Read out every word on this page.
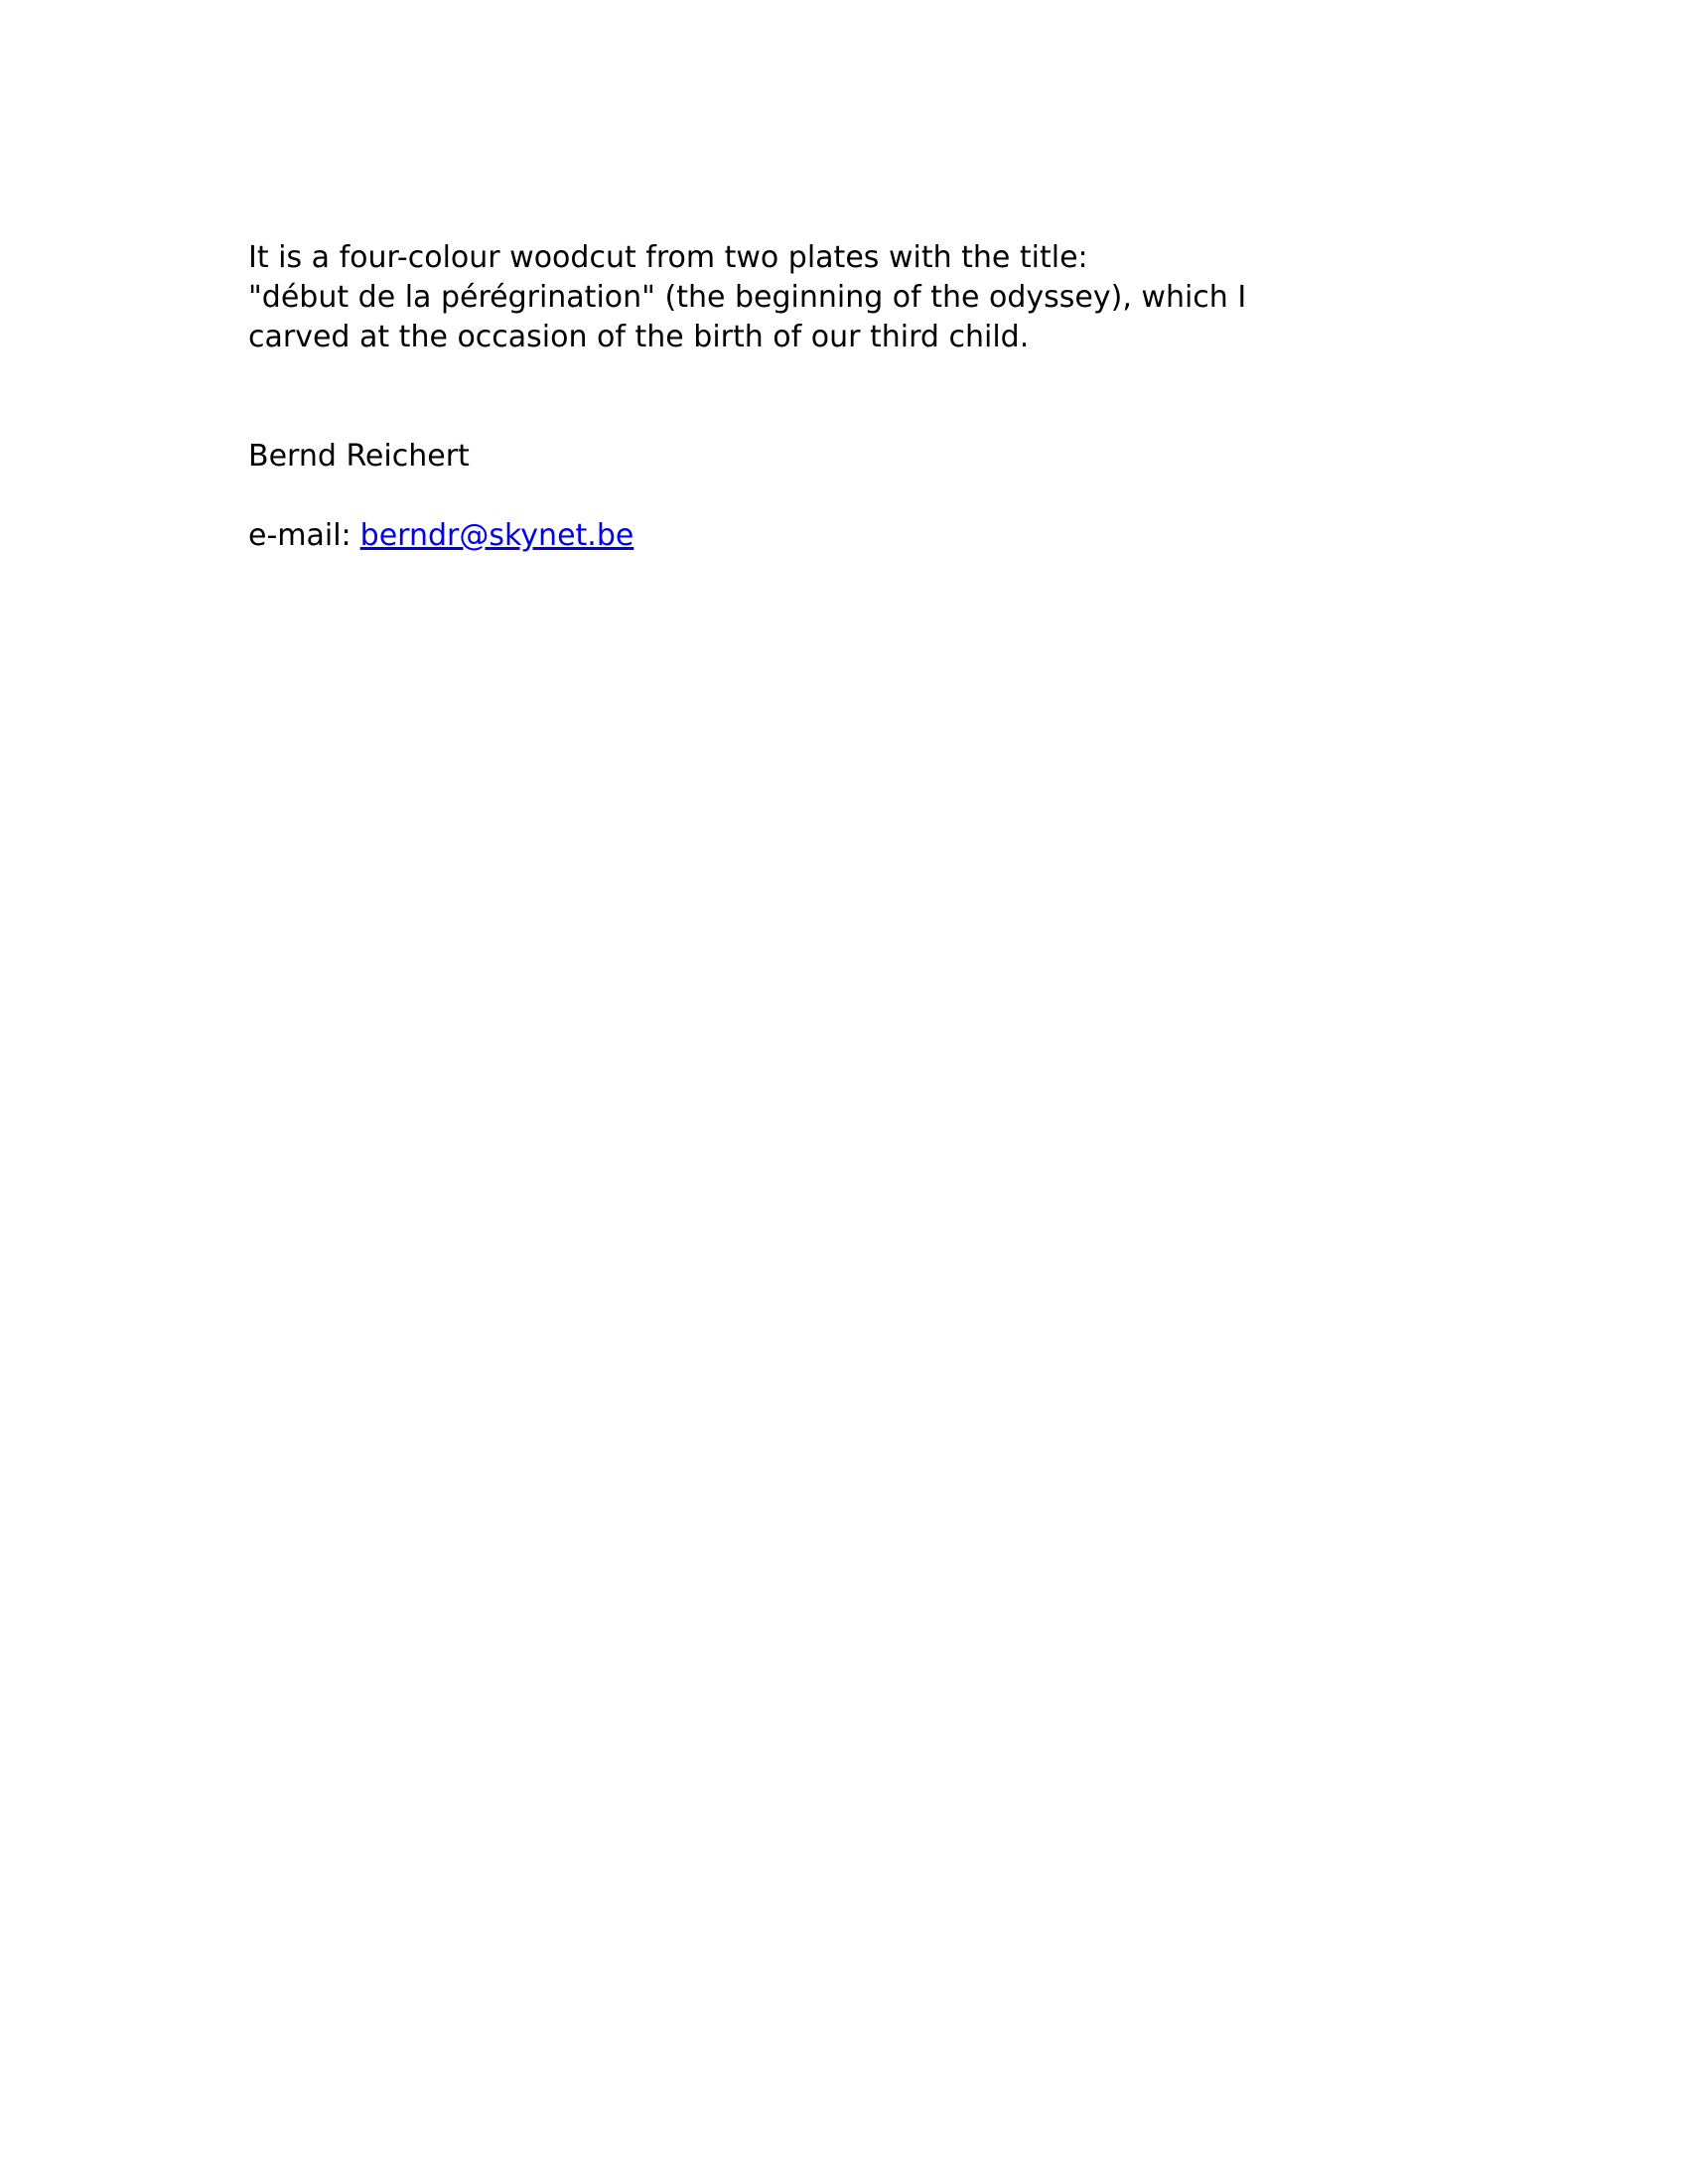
It is a four-colour woodcut from two plates with the title:
"début de la pérégrination" (the beginning of the odyssey), which I
carved at the occasion of the birth of our third child.

Bernd Reichert

e-mail: berndr@skynet.be
